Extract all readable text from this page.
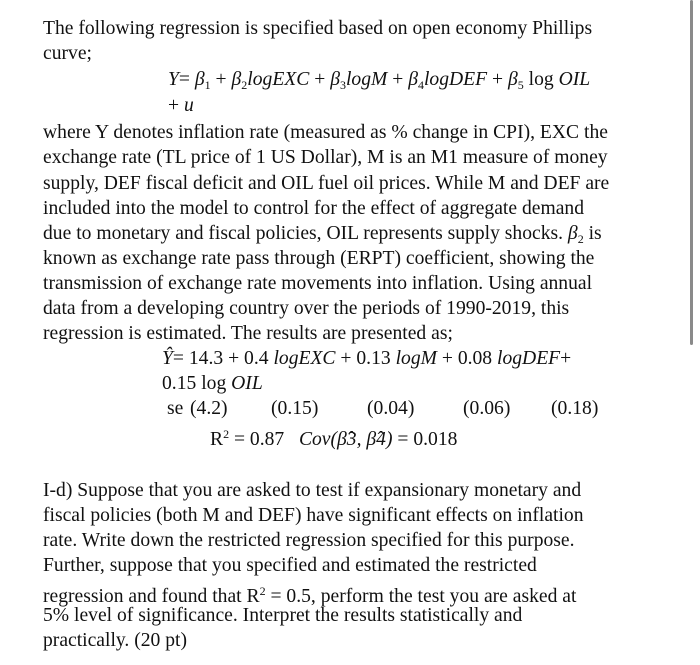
The following regression is specified based on open economy Phillips

curve;

$Y= \beta_1$ + $\beta_2logEXC + \beta_3\log M$ + $\beta_4logDEF + \beta_5$ log OIL
+ u

where Y denotes inflation rate (measured as % change in CPI), EXC the

exchange rate (TL price of 1 US Dollar), M is an M1 measure of money

supply, DEF fiscal deficit and OIL fuel oil prices. While M and DEF are

included into the model to control for the effect of aggregate demand

due to monetary and fiscal policies, OIL represents supply shocks. $\beta_2$ is

known as exchange rate pass through (ERPT) coefficient, showing the

transmission of exchange rate movements into inflation. Using annual

data from a developing country over the periods of 1990-2019, this

regression is estimated. The results are presented as;

Ŷ= 14.3 + 0.4 logEXC + 0.13 logM + 0.08 logDEF+
0.15 log OIL
se (4.2) (0.15) (0.04) (0.06) (0.18)
$R^2 = 0.87$ Cov(β̂3, β̂4) = 0.018

I-d) Suppose that you are asked to test if expansionary monetary and

fiscal policies (both M and DEF) have significant effects on inflation

rate. Write down the restricted regression specified for this purpose.

Further, suppose that you specified and estimated the restricted

regression and found that $R^2 = 0.5$, perform the test you are asked at

5% level of significance. Interpret the results statistically and

practically. (20 pt)
